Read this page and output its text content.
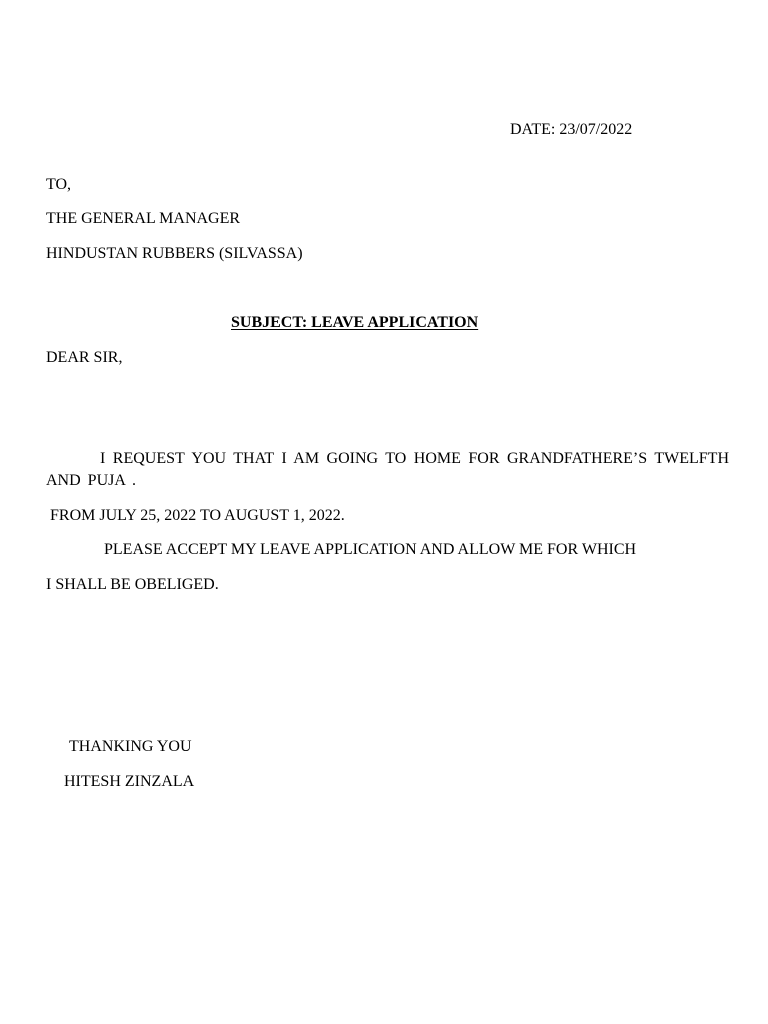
DATE: 23/07/2022
TO,
THE GENERAL MANAGER
HINDUSTAN RUBBERS (SILVASSA)
SUBJECT: LEAVE APPLICATION
DEAR SIR,
I REQUEST YOU THAT I AM GOING TO HOME FOR GRANDFATHERE’S TWELFTH AND PUJA .
FROM JULY 25, 2022 TO AUGUST 1, 2022.
PLEASE ACCEPT MY LEAVE APPLICATION AND ALLOW ME FOR WHICH
I SHALL BE OBELIGED.
THANKING YOU
HITESH ZINZALA
